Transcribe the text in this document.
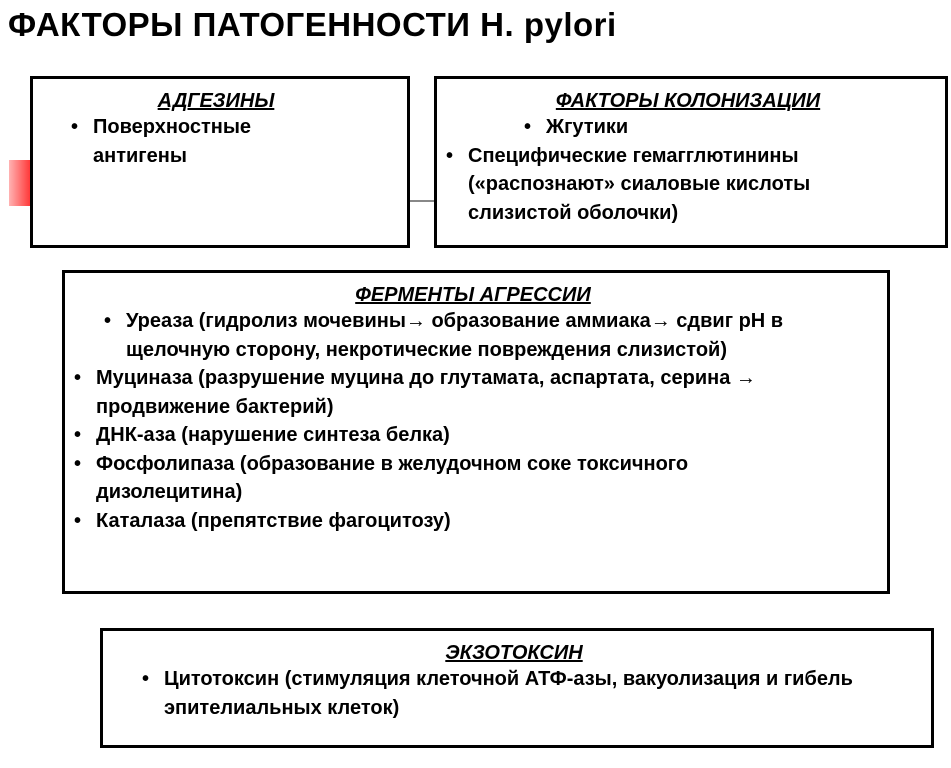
ФАКТОРЫ ПАТОГЕННОСТИ H. pylori
АДГЕЗИНЫ
• Поверхностные антигены
ФАКТОРЫ КОЛОНИЗАЦИИ
• Жгутики
• Специфические гемагглютинины («распознают» сиаловые кислоты слизистой оболочки)
ФЕРМЕНТЫ АГРЕССИИ
• Уреаза (гидролиз мочевины→ образование аммиака→ сдвиг рН в щелочную сторону, некротические повреждения слизистой)
• Муциназа (разрушение муцина до глутамата, аспартата, серина → продвижение бактерий)
• ДНК-аза (нарушение синтеза белка)
• Фосфолипаза (образование в желудочном соке токсичного дизолецитина)
• Каталаза (препятствие фагоцитозу)
ЭКЗОТОКСИН
• Цитотоксин (стимуляция клеточной АТФ-азы, вакуолизация и гибель эпителиальных клеток)
